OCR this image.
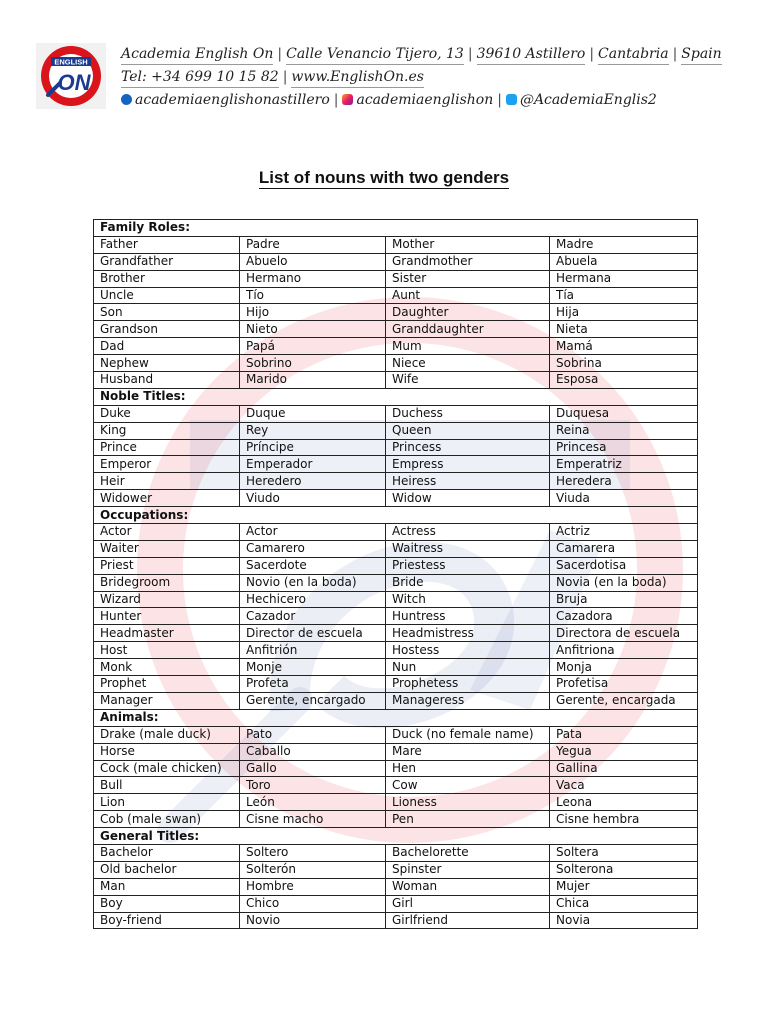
ENGLISH
ON
Academia English On | Calle Venancio Tijero, 13 | 39610 Astillero | Cantabria | Spain
Tel: +34 699 10 15 82 | www.EnglishOn.es
academiaenglishonastillero | academiaenglishon | @AcademiaEnglis2
List of nouns with two genders
Family Roles:			
Father	Padre	Mother	Madre
Grandfather	Abuelo	Grandmother	Abuela
Brother	Hermano	Sister	Hermana
Uncle	Tío	Aunt	Tía
Son	Hijo	Daughter	Hija
Grandson	Nieto	Granddaughter	Nieta
Dad	Papá	Mum	Mamá
Nephew	Sobrino	Niece	Sobrina
Husband	Marido	Wife	Esposa
Noble Titles:			
Duke	Duque	Duchess	Duquesa
King	Rey	Queen	Reina
Prince	Príncipe	Princess	Princesa
Emperor	Emperador	Empress	Emperatriz
Heir	Heredero	Heiress	Heredera
Widower	Viudo	Widow	Viuda
Occupations:			
Actor	Actor	Actress	Actriz
Waiter	Camarero	Waitress	Camarera
Priest	Sacerdote	Priestess	Sacerdotisa
Bridegroom	Novio (en la boda)	Bride	Novia (en la boda)
Wizard	Hechicero	Witch	Bruja
Hunter	Cazador	Huntress	Cazadora
Headmaster	Director de escuela	Headmistress	Directora de escuela
Host	Anfitrión	Hostess	Anfitriona
Monk	Monje	Nun	Monja
Prophet	Profeta	Prophetess	Profetisa
Manager	Gerente, encargado	Manageress	Gerente, encargada
Animals:			
Drake (male duck)	Pato	Duck (no female name)	Pata
Horse	Caballo	Mare	Yegua
Cock (male chicken)	Gallo	Hen	Gallina
Bull	Toro	Cow	Vaca
Lion	León	Lioness	Leona
Cob (male swan)	Cisne macho	Pen	Cisne hembra
General Titles:			
Bachelor	Soltero	Bachelorette	Soltera
Old bachelor	Solterón	Spinster	Solterona
Man	Hombre	Woman	Mujer
Boy	Chico	Girl	Chica
Boy-friend	Novio	Girlfriend	Novia
